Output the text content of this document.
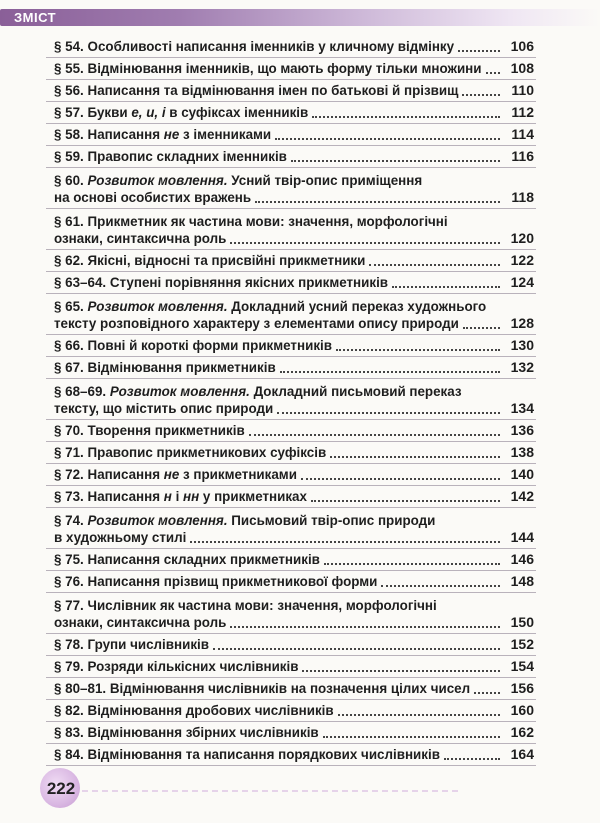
ЗМІСТ
§ 54. Особливості написання іменників у кличному відмінку	106
§ 55. Відмінювання іменників, що мають форму тільки множини	108
§ 56. Написання та відмінювання імен по батькові й прізвищ	110
§ 57. Букви е, и, і в суфіксах іменників	112
§ 58. Написання не з іменниками	114
§ 59. Правопис складних іменників	116
§ 60. Розвиток мовлення. Усний твір-опис приміщення
на основі особистих вражень	118
§ 61. Прикметник як частина мови: значення, морфологічні
ознаки, синтаксична роль	120
§ 62. Якісні, відносні та присвійні прикметники	122
§ 63–64. Ступені порівняння якісних прикметників	124
§ 65. Розвиток мовлення. Докладний усний переказ художнього
тексту розповідного характеру з елементами опису природи	128
§ 66. Повні й короткі форми прикметників	130
§ 67. Відмінювання прикметників	132
§ 68–69. Розвиток мовлення. Докладний письмовий переказ
тексту, що містить опис природи	134
§ 70. Творення прикметників	136
§ 71. Правопис прикметникових суфіксів	138
§ 72. Написання не з прикметниками	140
§ 73. Написання н і нн у прикметниках	142
§ 74. Розвиток мовлення. Письмовий твір-опис природи
в художньому стилі	144
§ 75. Написання складних прикметників	146
§ 76. Написання прізвищ прикметникової форми	148
§ 77. Числівник як частина мови: значення, морфологічні
ознаки, синтаксична роль	150
§ 78. Групи числівників	152
§ 79. Розряди кількісних числівників	154
§ 80–81. Відмінювання числівників на позначення цілих чисел	156
§ 82. Відмінювання дробових числівників	160
§ 83. Відмінювання збірних числівників	162
§ 84. Відмінювання та написання порядкових числівників	164
222
